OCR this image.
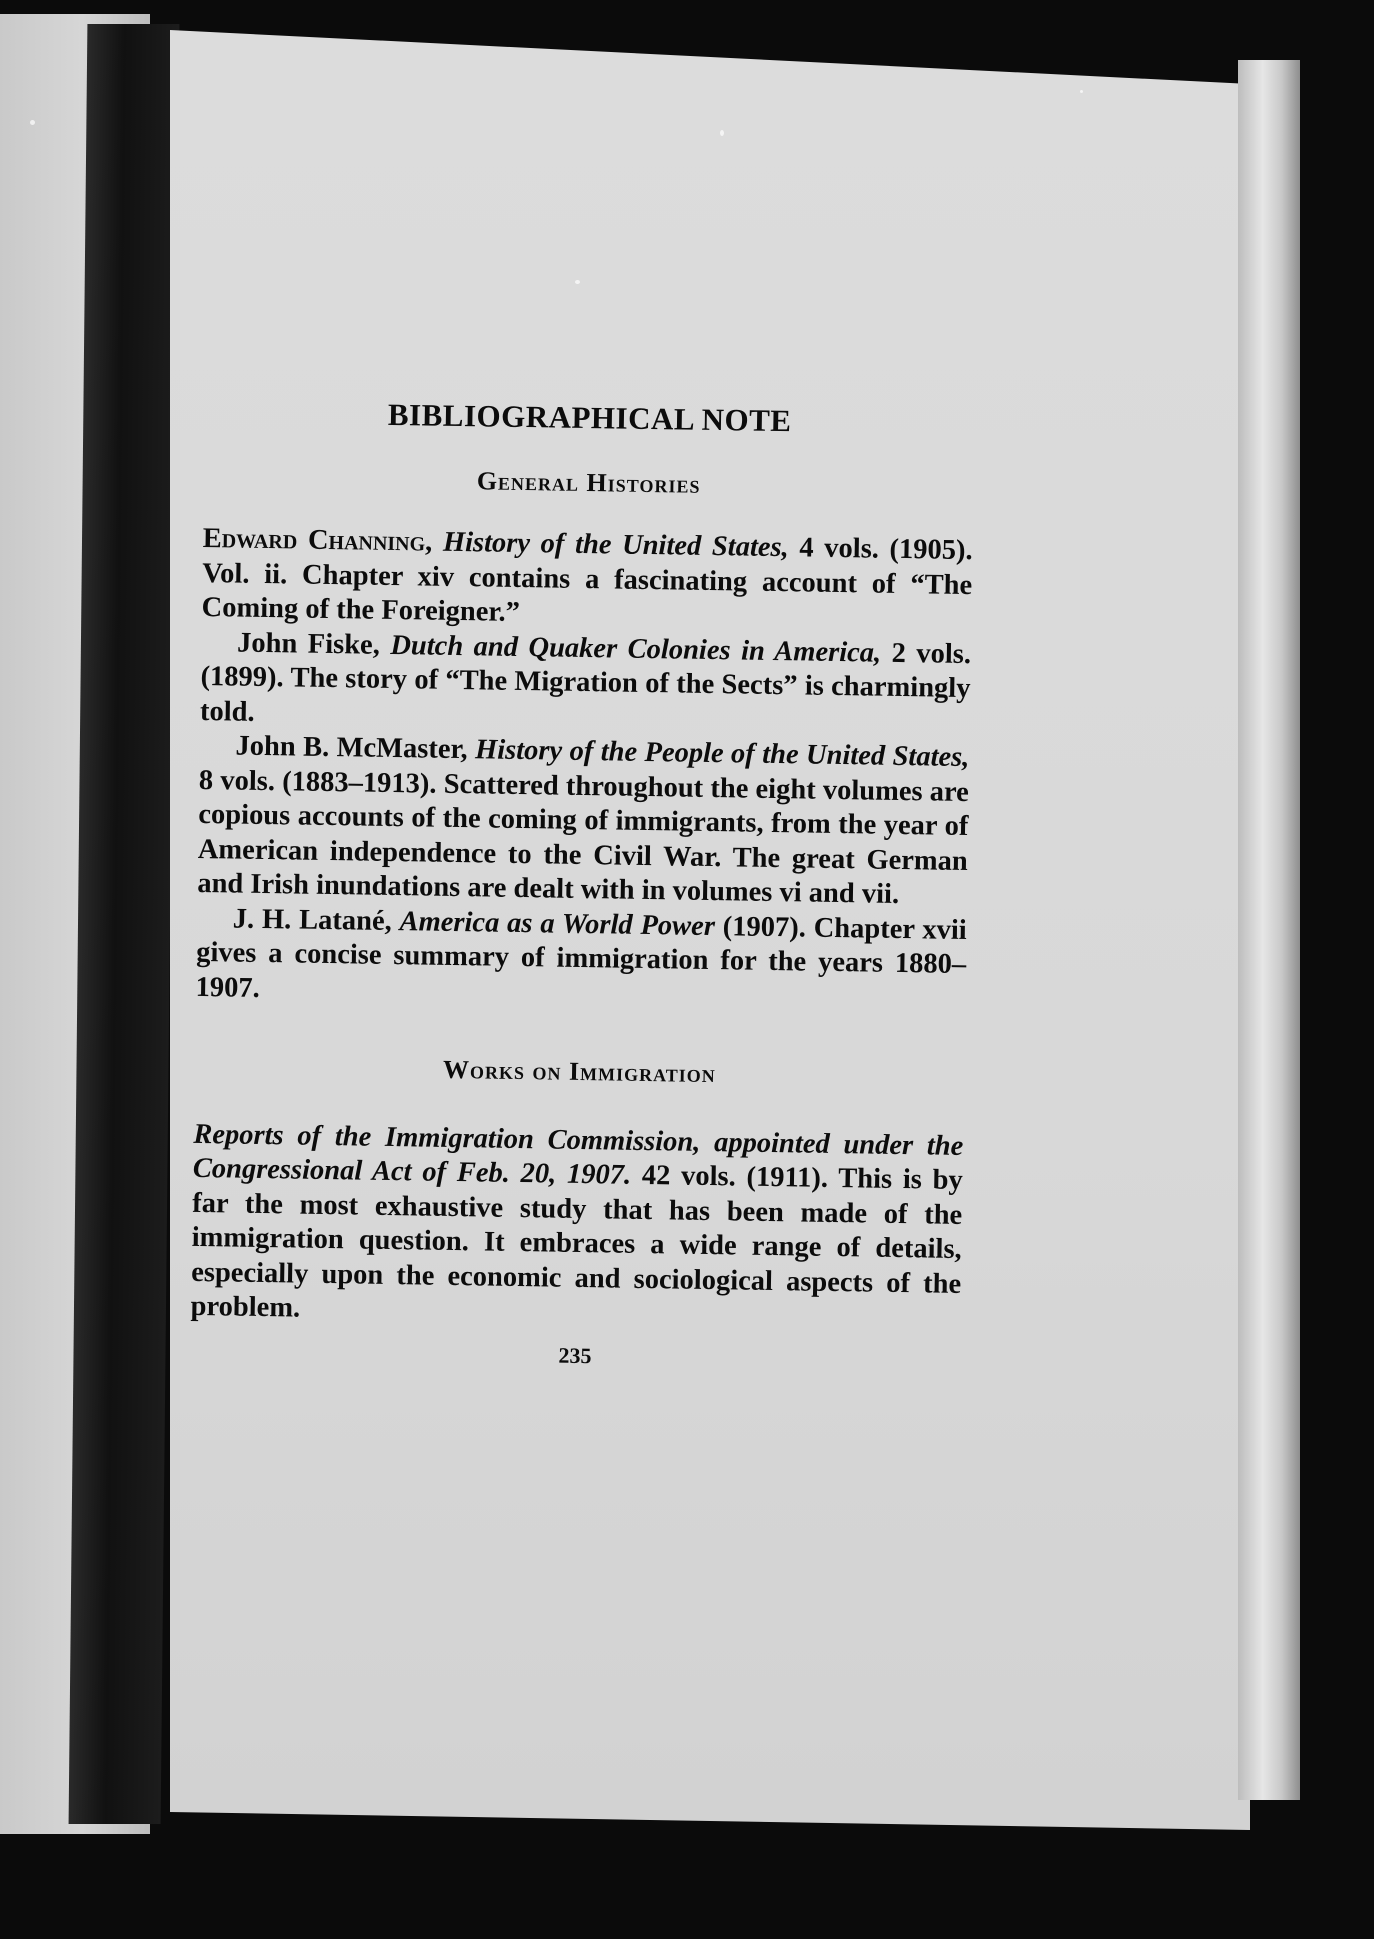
BIBLIOGRAPHICAL NOTE
General Histories

Edward Channing, History of the United States, 4 vols. (1905). Vol. ii. Chapter xiv contains a fascinating account of “The Coming of the Foreigner.”

John Fiske, Dutch and Quaker Colonies in America, 2 vols. (1899). The story of “The Migration of the Sects” is charmingly told.

John B. McMaster, History of the People of the United States, 8 vols. (1883–1913). Scattered throughout the eight volumes are copious accounts of the coming of immigrants, from the year of American independence to the Civil War. The great German and Irish inundations are dealt with in volumes vi and vii.

J. H. Latané, America as a World Power (1907). Chapter xvii gives a concise summary of immigration for the years 1880–1907.

Works on Immigration

Reports of the Immigration Commission, appointed under the Congressional Act of Feb. 20, 1907. 42 vols. (1911). This is by far the most exhaustive study that has been made of the immigration question. It embraces a wide range of details, especially upon the economic and sociological aspects of the problem.

235
